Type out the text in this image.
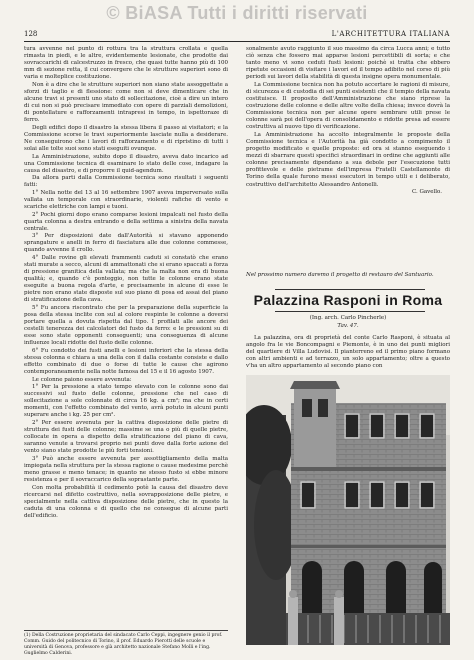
© BiASA Tutti i diritti riservati
128	L'ARCHITETTURA ITALIANA

tura avvenne nel punto di rottura tra la struttura crollata e quella rimasta in piedi, e le altre, evidentemente lesionate, che prodotte dai sovraccarichi di calcestruzzo in fresco, che quasi tutte hanno più di 100 mm di sezione retta, il cui convergere che le strutture superiori sono di varia e molteplice costituzione.

Non è a dire che le strutture superiori non siano state assoggettate a sforzi di taglio e di flessione: come non si deve dimenticare che in alcune travi si presenti uno stato di sollecitazione, cioè a dire un intero di cui non si può precisare immediato con opere di parziali demolizioni, di pontellature e rafforzamenti intrapresi in tempo, in ispettoraze di ferro.

Degli edifici dopo il disastro la stessa libera il passo ai visitatori; e la Commissione scorse le travi superiormente lasciate nulla a desiderare. Ne conseguirono che i lavori di rafforzamento e di ripristino di tutti i solai alle tolte suoi sono stati eseguiti ovunque.

La Amministrazione, subito dopo il disastro, aveva dato incarico ad una Commissione tecnica di esaminare lo stato delle cose, indagare la causa del disastro, e di proporre il quid-agendum.

Da allora parti dalla Commissione tecnica sono risultati i seguenti fatti:

1° Nella notte del 13 al 16 settembre 1907 aveva imperversato sulla vallata un temporale con straordinarie, violenti rafiche di vento e scariche elettriche con lampi e tuoni.

2° Pochi giorni dopo erano comparse lesioni impalcati nel fusto della quarta colonna a destra entrando e della settima a sinistra della navata centrale.

3° Per disposizioni date dall'Autorità si stavano apponendo sprangature e anelli in ferro di fasciatura alle due colonne commesse, quando avvenne il crollo.

4° Dalle rovine gli elevati frammenti caduti si constatò che erano stati murate a secco, alcuni di ammattonati che si erano spaccati a forza di pressione granitica della vallata; ma che la malta non era di buona qualità; e, quando c'è ponteggio, non tutte le colonne erano state eseguite a buona regola d'arte, e precisamente in alcune di esse le pietre non erano state disposte sul suo piano di posa ed assai del piano di stratificazione della cava.

5° Fu ancora riscontrato che per la preparazione della superficie la posa della stessa inclite con sul al colore respinte le colonne a doversi portare quella a dovuta rispetta dal tipo. I profilati alle ancore dei cestelli tenerezza dei calcolatori del fusto da ferro: e le pressioni su di esse sono state opponenti conseguenti; una conseguenza di alcune influenze locali ridotte del fusto delle colonne.

6° Fu condotto dei fusti anelli e lesioni inferiori che la stessa della stessa colonna e chiara a una della con il dalla costante consiste e dallo effetto combinato di due o forse di tutte le cause che agirono contemporaneamente nella notte famosa del 15 e il 16 agosto 1907.

Le colonne paiono essere avvenuta:

1° Per la pressione a stato tempo elevato con le colonne sono dai successivi sul fusto delle colonne, pressione che nel caso di sollecitazione a sole colonnate di circa 16 kg. a cm²; ma che in certi momenti, con l'effetto combinato del vento, avrà potuto in alcuni punti superare anche i kg. 25 per cm².

2° Per essere avvenuta per la cattiva disposizione delle pietre di struttura dei fusti delle colonne; massime se una o più di quelle pietre, collocate in opera a dispetto della stratificazione del piano di cava, saranno venute a trovarsi proprio nei punti dove dalla forte azione del vento siano state prodotte le più forti tensioni.

3° Può anche essere avvenuta per assottigliamento della malta impiegata nella struttura per la stessa ragione o cause medesime perchè meno grasse e meno tenace; in quanto ne stesso fusto si ebbe minore resistenza e per il sovraccarico della soprastante parte.

Con molta probabilità il cedimento potè la causa del disastro deve ricercarsi nel difetto costruttivo, nella sovrapposizione delle pietre, e specialmente nella cattiva disposizione delle pietre, che in questo la caduta di una colonna e di quello che ne consegue di alcune parti dell'edificio.

(1) Della Costruzione proprietaria del sindacato Carlo Ceppi, ingegnere genio il prof. Comm. Guido del politecnico di Torino, il prof. Eduardo Pierotti delle scuole e università di Genova, professore e già architetto nazionale Stefano Molli e l'ing. Guglielmo Calderini.

sonalmente avuto raggiunto il suo massimo da circa Lucca anni; e tutto ciò senza che fossero mai apparse lesioni percettibili di sorta; e che tanto meno vi sono ceduti fusti lesioni: poichè si tratta che ebbero ripetute occasioni di visitare i lavori ed il tempo adibito nel corso di più periodi sui lavori della stabilità di questa insigne opera monumentale.

La Commissione tecnica non ha potuto accertare le ragioni di misure, di sicurezza e di custodia di sei punti esistenti che il tempio della navata costituisce. Il proposito dell'Amministrazione che siano riprese la costruzione delle colonne e delle altre volte della chiesa; invece dovrà la Commissione tecnica non per alcune opere sembrare utili prese le colonne sarà poi dell'opera di consolidamento e ridotte presa ad essere costruttiva al nuovo tipo di verificazione.

La Amministrazione ha accolto integralmente le proposte della Commissione tecnica e l'Autorità ha già condotto a compimento il progetto modificato e quelle proposte: ed ora si stanno eseguendo i mezzi di sbarrare questi specifici straordinari in ordine che aggiunti alle colonne precisamente dipendano a sua debole per l'esecuzione tutti profittevole e delle pietrame dell'impresa Fratelli Castellamonte di Torino della quale furono messi esecutori in tempo utili e i deliberato, costruttivo dell'architetto Alessandro Antonelli.

C. Gavello.
Nel prossimo numero daremo il progetto di restauro del Santuario.
Palazzina Rasponi in Roma
(Ing. arch. Carlo Pincherle)
Tav. 47.

La palazzina, ora di proprietà del conte Carlo Rasponi, è situata al angolo fra le vie Boncompagni e Piemonte, è in uno dei punti migliori del quartiere di Villa Ludovisi. Il pianterreno ed il primo piano formano con altri ambienti e ad terrazzo, un solo appartamento; oltre a questo v'ha un altro appartamento al secondo piano con
